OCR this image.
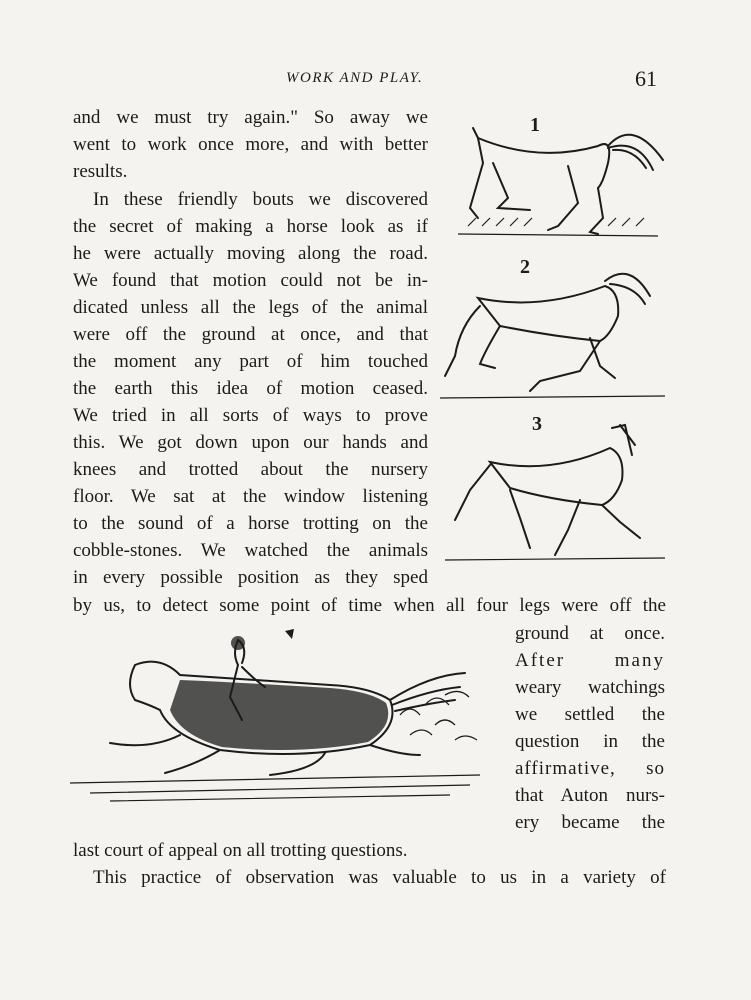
WORK AND PLAY.	61
and we must try again." So away we
went to work once more, and with better
results.
In these friendly bouts we discovered
the secret of making a horse look as if
he were actually moving along the road.
We found that motion could not be in-
dicated unless all the legs of the animal
were off the ground at once, and that
the moment any part of him touched
the earth this idea of motion ceased.
We tried in all sorts of ways to prove
this. We got down upon our hands and
knees and trotted about the nursery
floor. We sat at the window listening
to the sound of a horse trotting on the
cobble-stones. We watched the animals
in every possible position as they sped
by us, to detect some point of time when all four legs were off the
ground at once.
After many
weary watchings
we settled the
question in the
affirmative, so
that Auton nurs-
ery became the
last court of appeal on all trotting questions.
This practice of observation was valuable to us in a variety of
1
2
3
